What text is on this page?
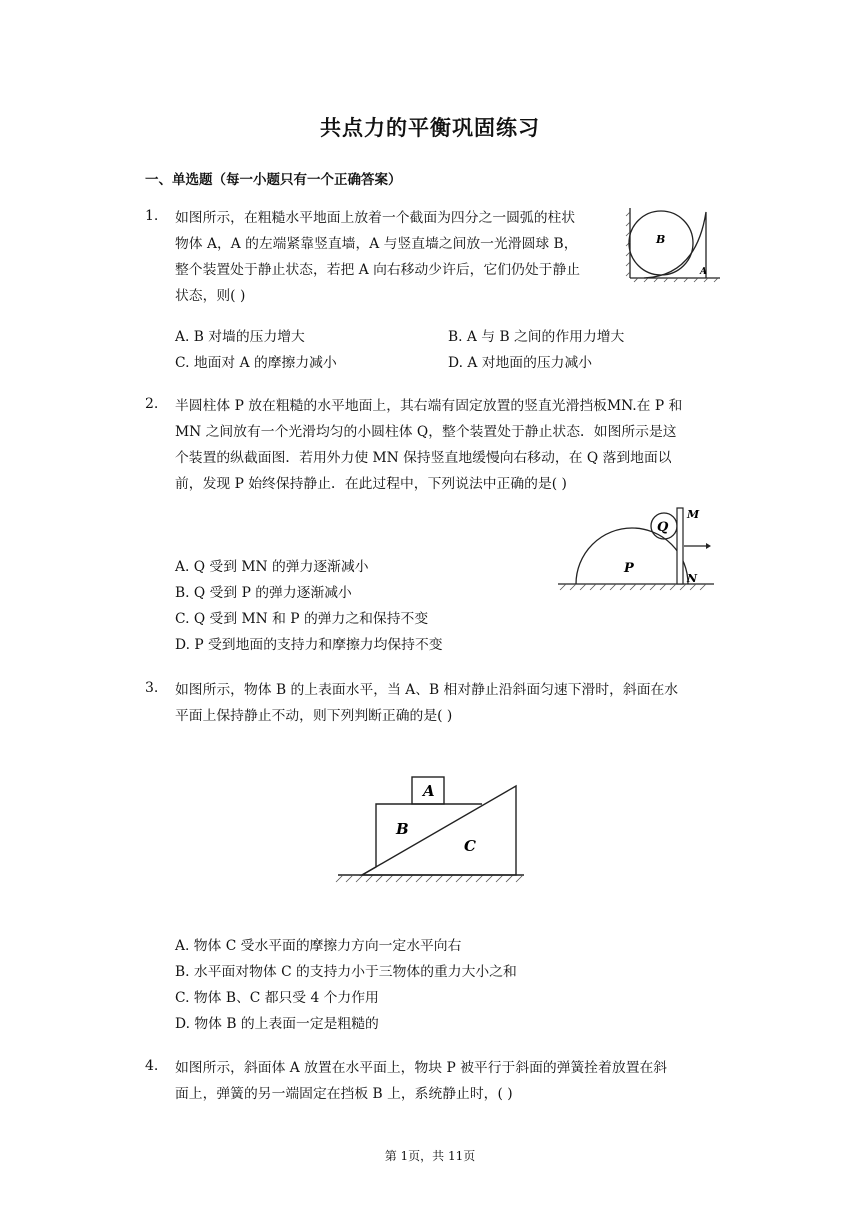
共点力的平衡巩固练习
一、单选题（每一小题只有一个正确答案）
1. 如图所示，在粗糙水平地面上放着一个截面为四分之一圆弧的柱状
物体 A，A 的左端紧靠竖直墙，A 与竖直墙之间放一光滑圆球 B，
整个装置处于静止状态，若把 A 向右移动少许后，它们仍处于静止
状态，则( )
B
A
A. B 对墙的压力增大	B. A 与 B 之间的作用力增大
C. 地面对 A 的摩擦力减小	D. A 对地面的压力减小
2. 半圆柱体 P 放在粗糙的水平地面上，其右端有固定放置的竖直光滑挡板MN.在 P 和
MN 之间放有一个光滑均匀的小圆柱体 Q，整个装置处于静止状态．如图所示是这
个装置的纵截面图．若用外力使 MN 保持竖直地缓慢向右移动，在 Q 落到地面以
前，发现 P 始终保持静止．在此过程中，下列说法中正确的是( )
P
Q
M
N
A. Q 受到 MN 的弹力逐渐减小
B. Q 受到 P 的弹力逐渐减小
C. Q 受到 MN 和 P 的弹力之和保持不变
D. P 受到地面的支持力和摩擦力均保持不变
3. 如图所示，物体 B 的上表面水平，当 A、B 相对静止沿斜面匀速下滑时，斜面在水
平面上保持静止不动，则下列判断正确的是( )
A
B
C
A. 物体 C 受水平面的摩擦力方向一定水平向右
B. 水平面对物体 C 的支持力小于三物体的重力大小之和
C. 物体 B、C 都只受 4 个力作用
D. 物体 B 的上表面一定是粗糙的
4. 如图所示，斜面体 A 放置在水平面上，物块 P 被平行于斜面的弹簧拴着放置在斜
面上，弹簧的另一端固定在挡板 B 上，系统静止时，( )
第 1页，共 11页
